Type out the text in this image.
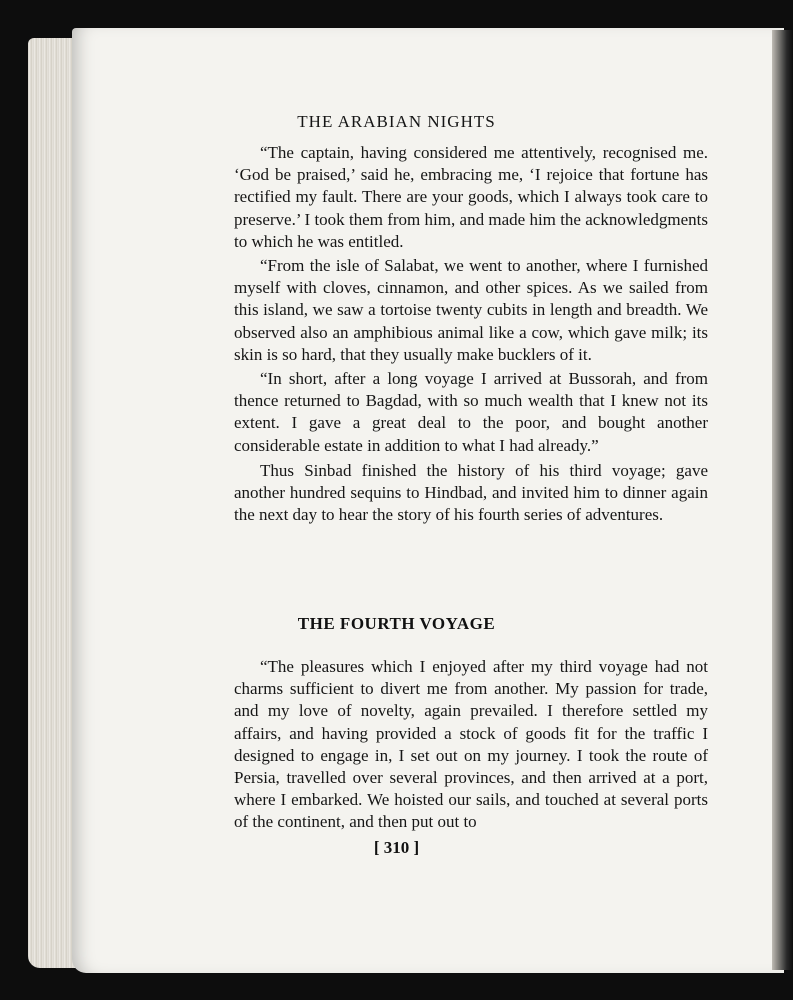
THE ARABIAN NIGHTS

“The captain, having considered me attentively, recognised me. ‘God be praised,’ said he, embracing me, ‘I rejoice that fortune has rectified my fault. There are your goods, which I always took care to preserve.’ I took them from him, and made him the acknowledgments to which he was entitled.

“From the isle of Salabat, we went to another, where I furnished myself with cloves, cinnamon, and other spices. As we sailed from this island, we saw a tortoise twenty cubits in length and breadth. We observed also an amphibious animal like a cow, which gave milk; its skin is so hard, that they usually make bucklers of it.

“In short, after a long voyage I arrived at Bussorah, and from thence returned to Bagdad, with so much wealth that I knew not its extent. I gave a great deal to the poor, and bought another considerable estate in addition to what I had already.”

Thus Sinbad finished the history of his third voyage; gave another hundred sequins to Hindbad, and invited him to dinner again the next day to hear the story of his fourth series of adventures.

THE FOURTH VOYAGE

“The pleasures which I enjoyed after my third voyage had not charms sufficient to divert me from another. My passion for trade, and my love of novelty, again prevailed. I therefore settled my affairs, and having provided a stock of goods fit for the traffic I designed to engage in, I set out on my journey. I took the route of Persia, travelled over several provinces, and then arrived at a port, where I embarked. We hoisted our sails, and touched at several ports of the continent, and then put out to

[ 310 ]
